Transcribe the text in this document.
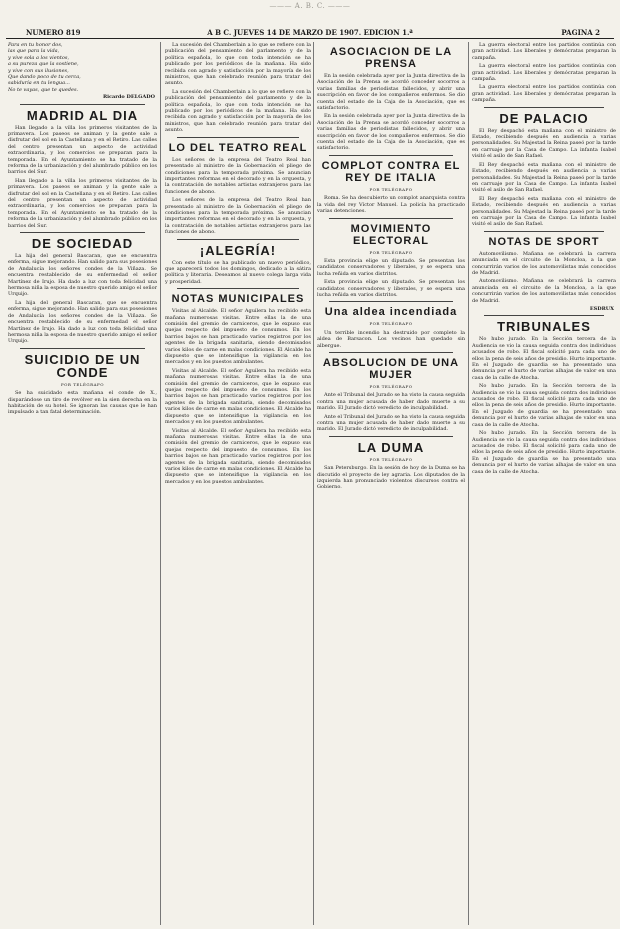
——— A. B. C. ———
NUMERO 819	A B C. JUEVES 14 DE MARZO DE 1907. EDICION 1.ª	PAGINA 2
Para en tu honor dos,
las que para la vida,
y vive sola a los vientos,
a su pureza que la sostiene,
y vive con sus ilusiones,
Que dando poco de tu cerca,
sabiduría en tu lengua...
No te vayas, que te quedes.
Ricardo DELGADO
MADRID AL DIA

Han llegado a la villa los primeros visitantes de la primavera. Los paseos se animan y la gente sale a disfrutar del sol en la Castellana y en el Retiro. Las calles del centro presentan un aspecto de actividad extraordinaria, y los comercios se preparan para la temporada. En el Ayuntamiento se ha tratado de la reforma de la urbanización y del alumbrado público en los barrios del Sur.

Han llegado a la villa los primeros visitantes de la primavera. Los paseos se animan y la gente sale a disfrutar del sol en la Castellana y en el Retiro. Las calles del centro presentan un aspecto de actividad extraordinaria, y los comercios se preparan para la temporada. En el Ayuntamiento se ha tratado de la reforma de la urbanización y del alumbrado público en los barrios del Sur.

DE SOCIEDAD

La hija del general Bascaran, que se encuentra enferma, sigue mejorando. Han salido para sus posesiones de Andalucía los señores condes de la Viñaza. Se encuentra restablecido de su enfermedad el señor Martínez de Irujo. Ha dado a luz con toda felicidad una hermosa niña la esposa de nuestro querido amigo el señor Urquijo.

La hija del general Bascaran, que se encuentra enferma, sigue mejorando. Han salido para sus posesiones de Andalucía los señores condes de la Viñaza. Se encuentra restablecido de su enfermedad el señor Martínez de Irujo. Ha dado a luz con toda felicidad una hermosa niña la esposa de nuestro querido amigo el señor Urquijo.

SUICIDIO DE UN CONDE
POR TELÉGRAFO

Se ha suicidado esta mañana el conde de X., disparándose un tiro de revólver en la sien derecha en la habitación de su hotel. Se ignoran las causas que le han impulsado a tan fatal determinación.

La sucesión del Chamberlain a lo que se refiere con la publicación del pensamiento del parlamento y de la política española, lo que con toda intención se ha publicado por los periódicos de la mañana. Ha sido recibida con agrado y satisfacción por la mayoría de los ministros, que han celebrado reunión para tratar del asunto.

La sucesión del Chamberlain a lo que se refiere con la publicación del pensamiento del parlamento y de la política española, lo que con toda intención se ha publicado por los periódicos de la mañana. Ha sido recibida con agrado y satisfacción por la mayoría de los ministros, que han celebrado reunión para tratar del asunto.

LO DEL TEATRO REAL

Los señores de la empresa del Teatro Real han presentado al ministro de la Gobernación el pliego de condiciones para la temporada próxima. Se anuncian importantes reformas en el decorado y en la orquesta, y la contratación de notables artistas extranjeros para las funciones de abono.

Los señores de la empresa del Teatro Real han presentado al ministro de la Gobernación el pliego de condiciones para la temporada próxima. Se anuncian importantes reformas en el decorado y en la orquesta, y la contratación de notables artistas extranjeros para las funciones de abono.

¡ALEGRÍA!

Con este título se ha publicado un nuevo periódico, que aparecerá todos los domingos, dedicado a la sátira política y literaria. Deseamos al nuevo colega larga vida y prosperidad.

NOTAS MUNICIPALES

Visitas al Alcalde. El señor Aguilera ha recibido esta mañana numerosas visitas. Entre ellas la de una comisión del gremio de carniceros, que le expuso sus quejas respecto del impuesto de consumos. En los barrios bajos se han practicado varios registros por los agentes de la brigada sanitaria, siendo decomisados varios kilos de carne en malas condiciones. El Alcalde ha dispuesto que se intensifique la vigilancia en los mercados y en los puestos ambulantes.

Visitas al Alcalde. El señor Aguilera ha recibido esta mañana numerosas visitas. Entre ellas la de una comisión del gremio de carniceros, que le expuso sus quejas respecto del impuesto de consumos. En los barrios bajos se han practicado varios registros por los agentes de la brigada sanitaria, siendo decomisados varios kilos de carne en malas condiciones. El Alcalde ha dispuesto que se intensifique la vigilancia en los mercados y en los puestos ambulantes.

Visitas al Alcalde. El señor Aguilera ha recibido esta mañana numerosas visitas. Entre ellas la de una comisión del gremio de carniceros, que le expuso sus quejas respecto del impuesto de consumos. En los barrios bajos se han practicado varios registros por los agentes de la brigada sanitaria, siendo decomisados varios kilos de carne en malas condiciones. El Alcalde ha dispuesto que se intensifique la vigilancia en los mercados y en los puestos ambulantes.

ASOCIACION DE LA PRENSA

En la sesión celebrada ayer por la Junta directiva de la Asociación de la Prensa se acordó conceder socorros a varias familias de periodistas fallecidos, y abrir una suscripción en favor de los compañeros enfermos. Se dio cuenta del estado de la Caja de la Asociación, que es satisfactorio.

En la sesión celebrada ayer por la Junta directiva de la Asociación de la Prensa se acordó conceder socorros a varias familias de periodistas fallecidos, y abrir una suscripción en favor de los compañeros enfermos. Se dio cuenta del estado de la Caja de la Asociación, que es satisfactorio.

COMPLOT CONTRA EL REY DE ITALIA
POR TELÉGRAFO

Roma. Se ha descubierto un complot anarquista contra la vida del rey Víctor Manuel. La policía ha practicado varias detenciones.

MOVIMIENTO ELECTORAL
POR TELÉGRAFO

Esta provincia elige un diputado. Se presentan los candidatos conservadores y liberales, y se espera una lucha reñida en varios distritos.

Esta provincia elige un diputado. Se presentan los candidatos conservadores y liberales, y se espera una lucha reñida en varios distritos.

Una aldea incendiada
POR TELÉGRAFO

Un terrible incendio ha destruido por completo la aldea de Barsacon. Los vecinos han quedado sin albergue.

ABSOLUCION DE UNA MUJER
POR TELÉGRAFO

Ante el Tribunal del Jurado se ha visto la causa seguida contra una mujer acusada de haber dado muerte a su marido. El Jurado dictó veredicto de inculpabilidad.

Ante el Tribunal del Jurado se ha visto la causa seguida contra una mujer acusada de haber dado muerte a su marido. El Jurado dictó veredicto de inculpabilidad.

LA DUMA
POR TELÉGRAFO

San Petersburgo. En la sesión de hoy de la Duma se ha discutido el proyecto de ley agraria. Los diputados de la izquierda han pronunciado violentos discursos contra el Gobierno.

La guerra electoral entre los partidos continúa con gran actividad. Los liberales y demócratas preparan la campaña.

La guerra electoral entre los partidos continúa con gran actividad. Los liberales y demócratas preparan la campaña.

La guerra electoral entre los partidos continúa con gran actividad. Los liberales y demócratas preparan la campaña.

DE PALACIO

El Rey despachó esta mañana con el ministro de Estado, recibiendo después en audiencia a varias personalidades. Su Majestad la Reina paseó por la tarde en carruaje por la Casa de Campo. La infanta Isabel visitó el asilo de San Rafael.

El Rey despachó esta mañana con el ministro de Estado, recibiendo después en audiencia a varias personalidades. Su Majestad la Reina paseó por la tarde en carruaje por la Casa de Campo. La infanta Isabel visitó el asilo de San Rafael.

El Rey despachó esta mañana con el ministro de Estado, recibiendo después en audiencia a varias personalidades. Su Majestad la Reina paseó por la tarde en carruaje por la Casa de Campo. La infanta Isabel visitó el asilo de San Rafael.

NOTAS DE SPORT

Automovilismo. Mañana se celebrará la carrera anunciada en el circuito de la Moncloa, a la que concurrirán varios de los automovilistas más conocidos de Madrid.

Automovilismo. Mañana se celebrará la carrera anunciada en el circuito de la Moncloa, a la que concurrirán varios de los automovilistas más conocidos de Madrid.

ESDRUX
TRIBUNALES

No hubo jurado. En la Sección tercera de la Audiencia se vio la causa seguida contra dos individuos acusados de robo. El fiscal solicitó para cada uno de ellos la pena de seis años de presidio. Hurto importante. En el Juzgado de guardia se ha presentado una denuncia por el hurto de varias alhajas de valor en una casa de la calle de Atocha.

No hubo jurado. En la Sección tercera de la Audiencia se vio la causa seguida contra dos individuos acusados de robo. El fiscal solicitó para cada uno de ellos la pena de seis años de presidio. Hurto importante. En el Juzgado de guardia se ha presentado una denuncia por el hurto de varias alhajas de valor en una casa de la calle de Atocha.

No hubo jurado. En la Sección tercera de la Audiencia se vio la causa seguida contra dos individuos acusados de robo. El fiscal solicitó para cada uno de ellos la pena de seis años de presidio. Hurto importante. En el Juzgado de guardia se ha presentado una denuncia por el hurto de varias alhajas de valor en una casa de la calle de Atocha.
